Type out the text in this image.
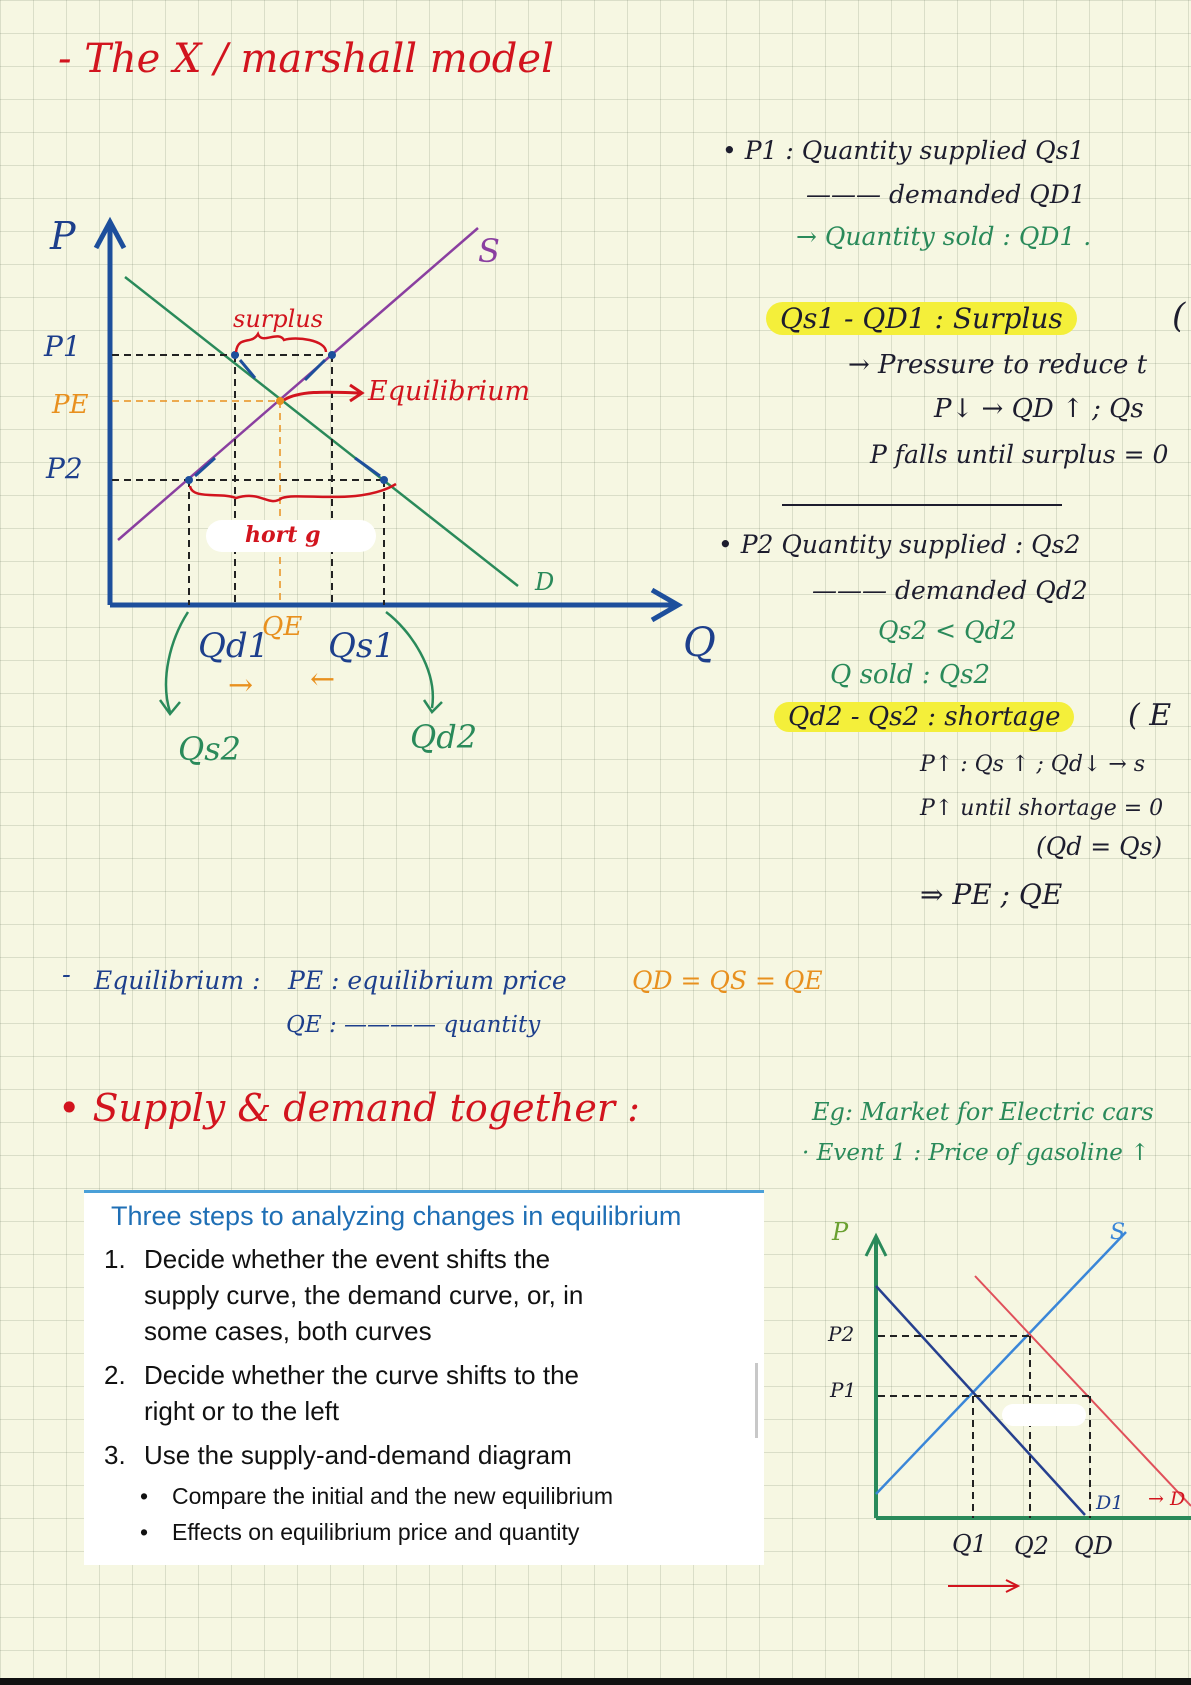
- The X / marshall model
P
Q
S
D
P1
PE
P2
surplus
Equilibrium
hort g
Qd1
QE Qs1
→ ←
Qs2	Qd2
• P1 : Quantity supplied Qs1
——— demanded QD1
→ Quantity sold : QD1 .
Qs1 - QD1 : Surplus	(
→ Pressure to reduce t
P↓ → QD ↑ ; Qs
P falls until surplus = 0
• P2 Quantity supplied : Qs2
——— demanded Qd2
Qs2 < Qd2
Q sold : Qs2
Qd2 - Qs2 : shortage	( E
P↑ : Qs ↑ ; Qd↓ → s
P↑ until shortage = 0
(Qd = Qs)
⇒ PE ; QE
- Equilibrium : PE : equilibrium price	QD = QS = QE
QE : ———— quantity
• Supply & demand together :
Three steps to analyzing changes in equilibrium
1. Decide whether the event shifts the
supply curve, the demand curve, or, in
some cases, both curves
2. Decide whether the curve shifts to the
right or to the left
3. Use the supply-and-demand diagram
• Compare the initial and the new equilibrium
• Effects on equilibrium price and quantity
Eg: Market for Electric cars
· Event 1 : Price of gasoline ↑
P	S
P2
P1
D1 → D
Q1 Q2 QD
